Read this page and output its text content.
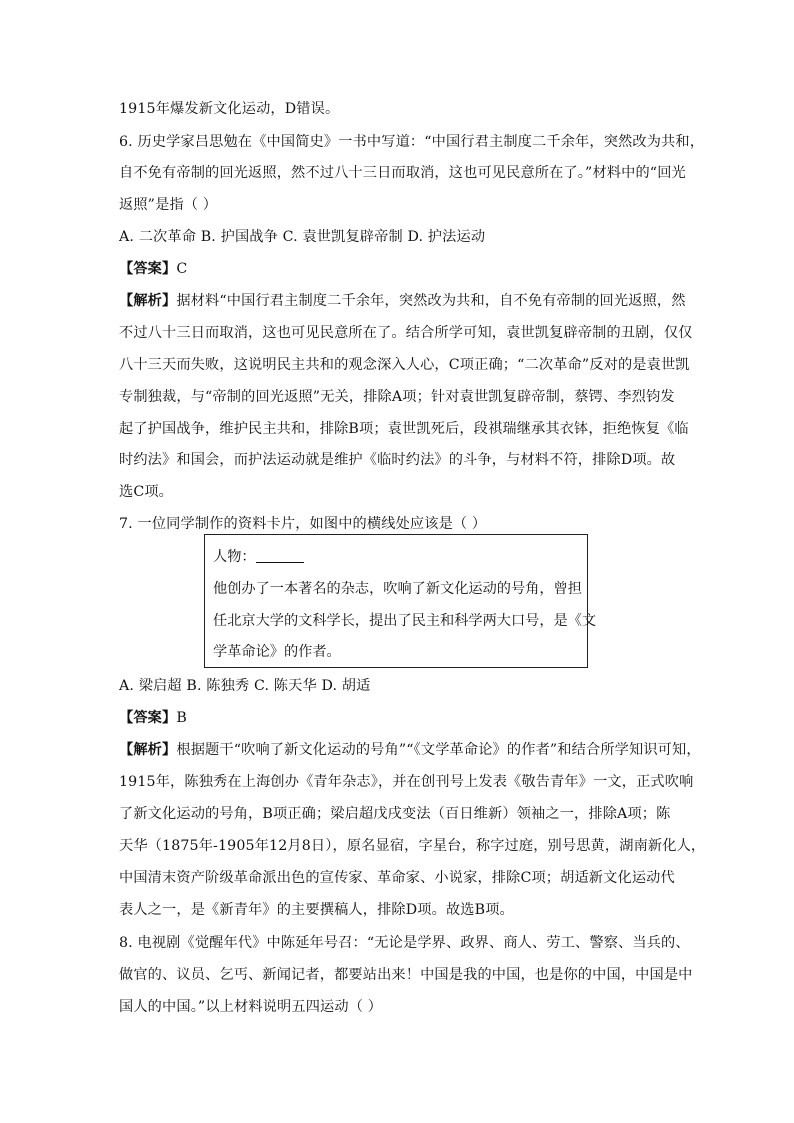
1915年爆发新文化运动，D错误。
6. 历史学家吕思勉在《中国简史》一书中写道：“中国行君主制度二千余年，突然改为共和，
自不免有帝制的回光返照，然不过八十三日而取消，这也可见民意所在了。”材料中的“回光
返照”是指（ ）
A. 二次革命 B. 护国战争 C. 袁世凯复辟帝制 D. 护法运动
【答案】C
【解析】据材料“中国行君主制度二千余年，突然改为共和，自不免有帝制的回光返照，然
不过八十三日而取消，这也可见民意所在了。结合所学可知，袁世凯复辟帝制的丑剧，仅仅
八十三天而失败，这说明民主共和的观念深入人心，C项正确；“二次革命”反对的是袁世凯
专制独裁，与“帝制的回光返照”无关，排除A项；针对袁世凯复辟帝制，蔡锷、李烈钧发
起了护国战争，维护民主共和，排除B项；袁世凯死后，段祺瑞继承其衣钵，拒绝恢复《临
时约法》和国会，而护法运动就是维护《临时约法》的斗争，与材料不符，排除D项。故
选C项。
7. 一位同学制作的资料卡片，如图中的横线处应该是（ ）
人物：
他创办了一本著名的杂志，吹响了新文化运动的号角，曾担
任北京大学的文科学长，提出了民主和科学两大口号，是《文
学革命论》的作者。
A. 梁启超 B. 陈独秀 C. 陈天华 D. 胡适
【答案】B
【解析】根据题干“吹响了新文化运动的号角”“《文学革命论》的作者”和结合所学知识可知，
1915年，陈独秀在上海创办《青年杂志》，并在创刊号上发表《敬告青年》一文，正式吹响
了新文化运动的号角，B项正确；梁启超戊戌变法（百日维新）领袖之一，排除A项；陈
天华（1875年-1905年12月8日），原名显宿，字星台，称字过庭，别号思黄，湖南新化人，
中国清末资产阶级革命派出色的宣传家、革命家、小说家，排除C项；胡适新文化运动代
表人之一，是《新青年》的主要撰稿人，排除D项。故选B项。
8. 电视剧《觉醒年代》中陈延年号召：“无论是学界、政界、商人、劳工、警察、当兵的、
做官的、议员、乞丐、新闻记者，都要站出来！中国是我的中国，也是你的中国，中国是中
国人的中国。”以上材料说明五四运动（ ）
